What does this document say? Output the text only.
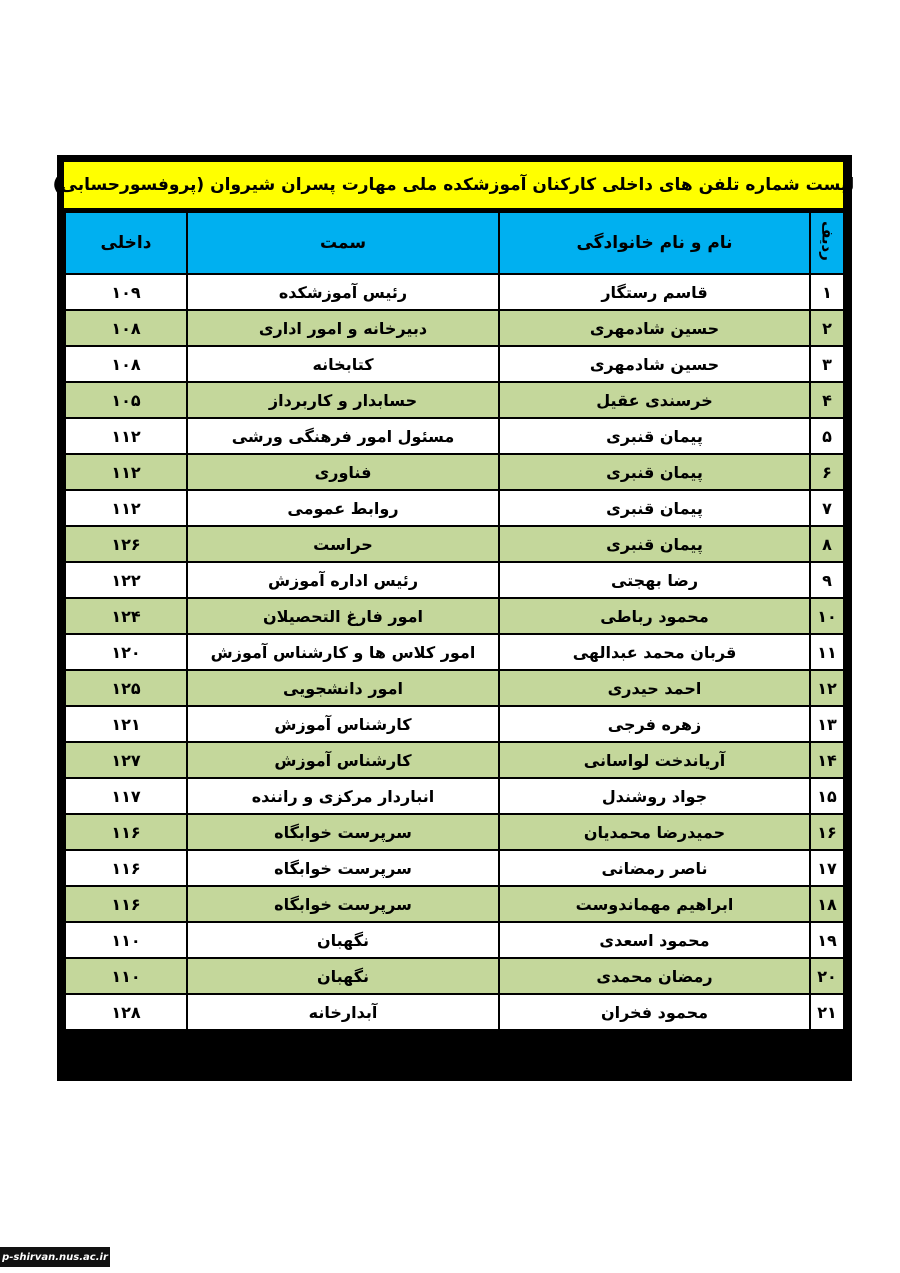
لیست شماره تلفن های داخلی کارکنان آموزشکده ملی مهارت پسران شیروان (پروفسورحسابی)
ردیف	نام و نام خانوادگی	سمت	داخلی
۱	قاسم رستگار	رئیس آموزشکده	۱۰۹
۲	حسین شادمهری	دبیرخانه و امور اداری	۱۰۸
۳	حسین شادمهری	کتابخانه	۱۰۸
۴	خرسندی عقیل	حسابدار و کاربرداز	۱۰۵
۵	پیمان قنبری	مسئول امور فرهنگی ورشی	۱۱۲
۶	پیمان قنبری	فناوری	۱۱۲
۷	پیمان قنبری	روابط عمومی	۱۱۲
۸	پیمان قنبری	حراست	۱۲۶
۹	رضا بهجتی	رئیس اداره آموزش	۱۲۲
۱۰	محمود رباطی	امور فارغ التحصیلان	۱۲۴
۱۱	قربان محمد عبدالهی	امور کلاس ها و کارشناس آموزش	۱۲۰
۱۲	احمد حیدری	امور دانشجویی	۱۲۵
۱۳	زهره فرجی	کارشناس آموزش	۱۲۱
۱۴	آریاندخت لواسانی	کارشناس آموزش	۱۲۷
۱۵	جواد روشندل	انباردار مرکزی و راننده	۱۱۷
۱۶	حمیدرضا محمدیان	سرپرست خوابگاه	۱۱۶
۱۷	ناصر رمضانی	سرپرست خوابگاه	۱۱۶
۱۸	ابراهیم مهماندوست	سرپرست خوابگاه	۱۱۶
۱۹	محمود اسعدی	نگهبان	۱۱۰
۲۰	رمضان محمدی	نگهبان	۱۱۰
۲۱	محمود فخران	آبدارخانه	۱۲۸
p-shirvan.nus.ac.ir
